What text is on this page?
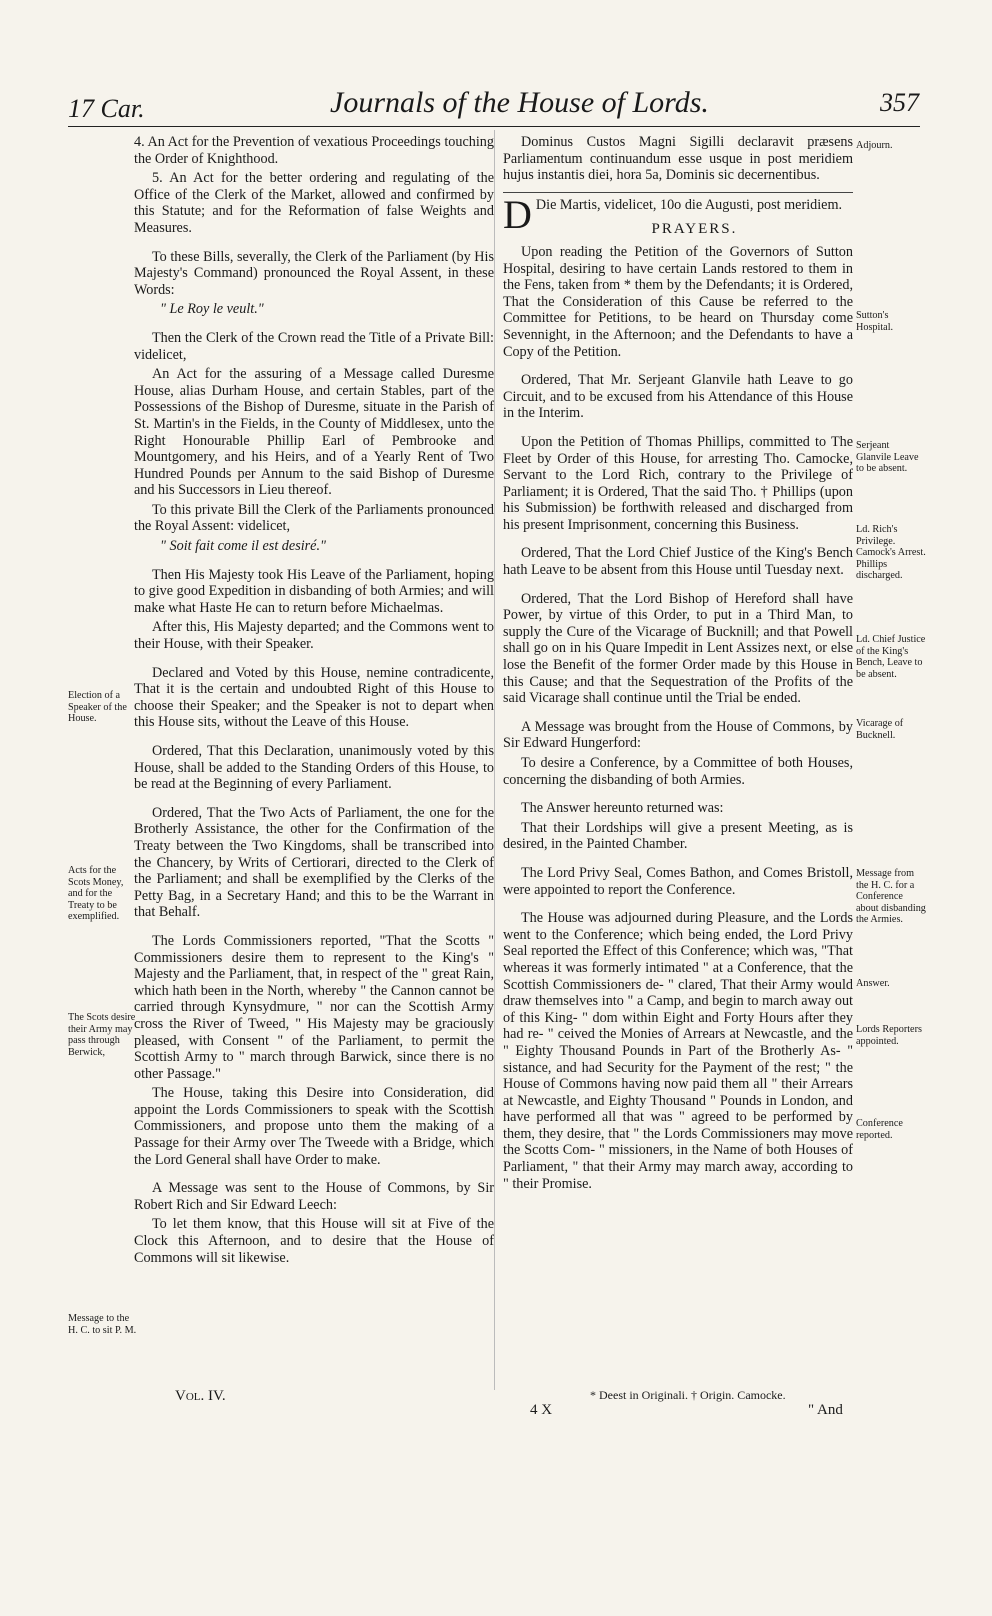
17 Car.	Journals of the House of Lords.	357

4. An Act for the Prevention of vexatious Proceedings touching the Order of Knighthood.

5. An Act for the better ordering and regulating of the Office of the Clerk of the Market, allowed and confirmed by this Statute; and for the Reformation of false Weights and Measures.

To these Bills, severally, the Clerk of the Parliament (by His Majesty's Command) pronounced the Royal Assent, in these Words:

" Le Roy le veult."

Then the Clerk of the Crown read the Title of a Private Bill: videlicet,

An Act for the assuring of a Message called Duresme House, alias Durham House, and certain Stables, part of the Possessions of the Bishop of Duresme, situate in the Parish of St. Martin's in the Fields, in the County of Middlesex, unto the Right Honourable Phillip Earl of Pembrooke and Mountgomery, and his Heirs, and of a Yearly Rent of Two Hundred Pounds per Annum to the said Bishop of Duresme and his Successors in Lieu thereof.

To this private Bill the Clerk of the Parliaments pronounced the Royal Assent: videlicet,

" Soit fait come il est desiré."

Then His Majesty took His Leave of the Parliament, hoping to give good Expedition in disbanding of both Armies; and will make what Haste He can to return before Michaelmas.

After this, His Majesty departed; and the Commons went to their House, with their Speaker.

Declared and Voted by this House, nemine contradicente, That it is the certain and undoubted Right of this House to choose their Speaker; and the Speaker is not to depart when this House sits, without the Leave of this House.

Ordered, That this Declaration, unanimously voted by this House, shall be added to the Standing Orders of this House, to be read at the Beginning of every Parliament.

Ordered, That the Two Acts of Parliament, the one for the Brotherly Assistance, the other for the Confirmation of the Treaty between the Two Kingdoms, shall be transcribed into the Chancery, by Writs of Certiorari, directed to the Clerk of the Parliament; and shall be exemplified by the Clerks of the Petty Bag, in a Secretary Hand; and this to be the Warrant in that Behalf.

The Lords Commissioners reported, "That the Scotts " Commissioners desire them to represent to the King's " Majesty and the Parliament, that, in respect of the " great Rain, which hath been in the North, whereby " the Cannon cannot be carried through Kynsydmure, " nor can the Scottish Army cross the River of Tweed, " His Majesty may be graciously pleased, with Consent " of the Parliament, to permit the Scottish Army to " march through Barwick, since there is no other Passage."

The House, taking this Desire into Consideration, did appoint the Lords Commissioners to speak with the Scottish Commissioners, and propose unto them the making of a Passage for their Army over The Tweede with a Bridge, which the Lord General shall have Order to make.

A Message was sent to the House of Commons, by Sir Robert Rich and Sir Edward Leech:

To let them know, that this House will sit at Five of the Clock this Afternoon, and to desire that the House of Commons will sit likewise.

Election of a Speaker of the House.
Acts for the Scots Money, and for the Treaty to be exemplified.
The Scots desire their Army may pass through Berwick,
Message to the H. C. to sit P. M.

Dominus Custos Magni Sigilli declaravit præsens Parliamentum continuandum esse usque in post meridiem hujus instantis diei, hora 5a, Dominis sic decernentibus.

D Die Martis, videlicet, 10o die Augusti, post meridiem.

PRAYERS.

Upon reading the Petition of the Governors of Sutton Hospital, desiring to have certain Lands restored to them in the Fens, taken from * them by the Defendants; it is Ordered, That the Consideration of this Cause be referred to the Committee for Petitions, to be heard on Thursday come Sevennight, in the Afternoon; and the Defendants to have a Copy of the Petition.

Ordered, That Mr. Serjeant Glanvile hath Leave to go Circuit, and to be excused from his Attendance of this House in the Interim.

Upon the Petition of Thomas Phillips, committed to The Fleet by Order of this House, for arresting Tho. Camocke, Servant to the Lord Rich, contrary to the Privilege of Parliament; it is Ordered, That the said Tho. † Phillips (upon his Submission) be forthwith released and discharged from his present Imprisonment, concerning this Business.

Ordered, That the Lord Chief Justice of the King's Bench hath Leave to be absent from this House until Tuesday next.

Ordered, That the Lord Bishop of Hereford shall have Power, by virtue of this Order, to put in a Third Man, to supply the Cure of the Vicarage of Bucknill; and that Powell shall go on in his Quare Impedit in Lent Assizes next, or else lose the Benefit of the former Order made by this House in this Cause; and that the Sequestration of the Profits of the said Vicarage shall continue until the Trial be ended.

A Message was brought from the House of Commons, by Sir Edward Hungerford:

To desire a Conference, by a Committee of both Houses, concerning the disbanding of both Armies.

The Answer hereunto returned was:

That their Lordships will give a present Meeting, as is desired, in the Painted Chamber.

The Lord Privy Seal, Comes Bathon, and Comes Bristoll, were appointed to report the Conference.

The House was adjourned during Pleasure, and the Lords went to the Conference; which being ended, the Lord Privy Seal reported the Effect of this Conference; which was, "That whereas it was formerly intimated " at a Conference, that the Scottish Commissioners de- " clared, That their Army would draw themselves into " a Camp, and begin to march away out of this King- " dom within Eight and Forty Hours after they had re- " ceived the Monies of Arrears at Newcastle, and the " Eighty Thousand Pounds in Part of the Brotherly As- " sistance, and had Security for the Payment of the rest; " the House of Commons having now paid them all " their Arrears at Newcastle, and Eighty Thousand " Pounds in London, and have performed all that was " agreed to be performed by them, they desire, that " the Lords Commissioners may move the Scotts Com- " missioners, in the Name of both Houses of Parliament, " that their Army may march away, according to " their Promise.

Adjourn.
Sutton's Hospital.
Serjeant Glanvile Leave to be absent.
Ld. Rich's Privilege. Camock's Arrest. Phillips discharged.
Ld. Chief Justice of the King's Bench, Leave to be absent.
Vicarage of Bucknell.
Message from the H. C. for a Conference about disbanding the Armies.
Answer.
Lords Reporters appointed.
Conference reported.
* Deest in Originali. † Origin. Camocke.
Vol. IV.
4 X	" And
